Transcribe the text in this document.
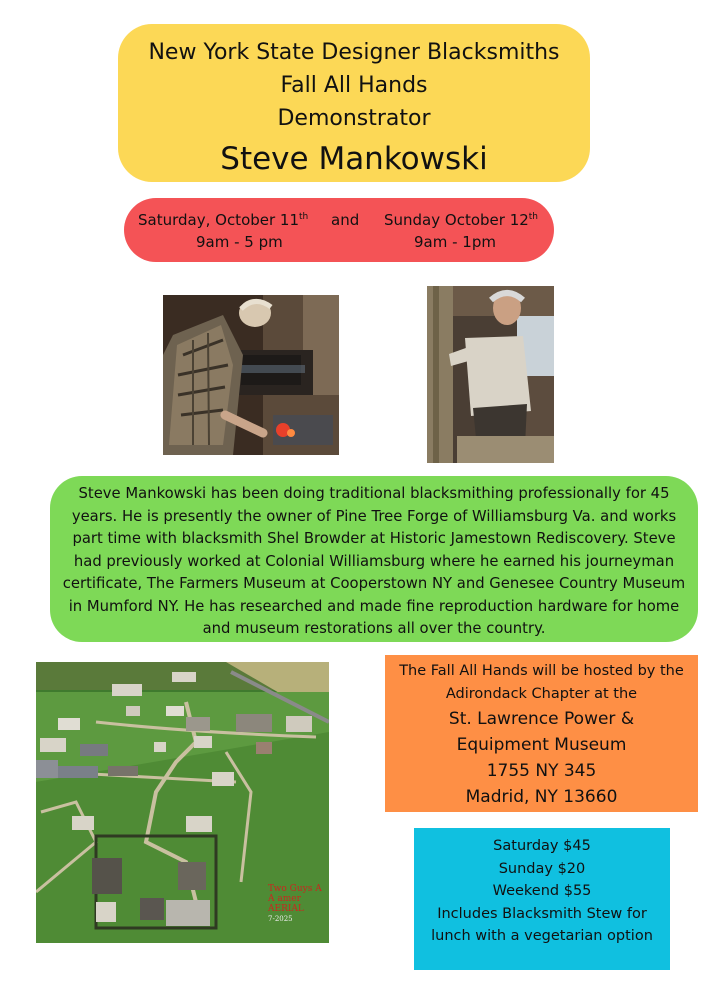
New York State Designer Blacksmiths
Fall All Hands
Demonstrator
Steve Mankowski
Saturday, October 11th and Sunday October 12th
9am - 5 pm	9am - 1pm
Steve Mankowski has been doing traditional blacksmithing professionally for 45 years. He is presently the owner of Pine Tree Forge of Williamsburg Va. and works part time with blacksmith Shel Browder at Historic Jamestown Rediscovery. Steve had previously worked at Colonial Williamsburg where he earned his journeyman certificate, The Farmers Museum at Cooperstown NY and Genesee Country Museum in Mumford NY. He has researched and made fine reproduction hardware for home and museum restorations all over the country.
Two Guys A
A amer
AERIAL
7-2025
The Fall All Hands will be hosted by the
Adirondack Chapter at the
St. Lawrence Power &
Equipment Museum
1755 NY 345
Madrid, NY 13660
Saturday $45
Sunday $20
Weekend $55
Includes Blacksmith Stew for
lunch with a vegetarian option
